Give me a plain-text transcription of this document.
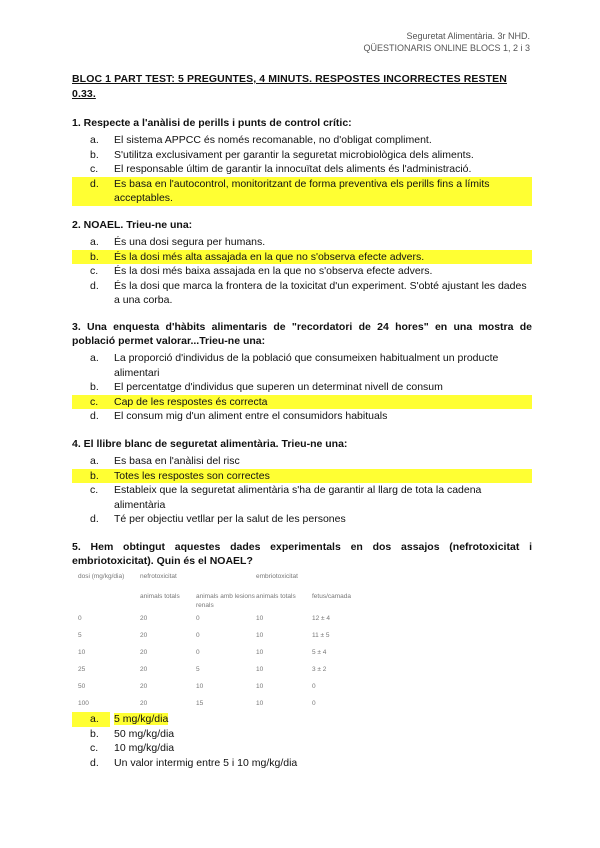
Seguretat Alimentària. 3r NHD.
QÜESTIONARIS ONLINE BLOCS 1, 2 i 3
BLOC 1 PART TEST: 5 PREGUNTES, 4 MINUTS. RESPOSTES INCORRECTES RESTEN 0.33.

1. Respecte a l'anàlisi de perills i punts de control crític:

a.	El sistema APPCC és només recomanable, no d'obligat compliment.
b.	S'utilitza exclusivament per garantir la seguretat microbiològica dels aliments.
c.	El responsable últim de garantir la innocuïtat dels aliments és l'administració.
d.	Es basa en l'autocontrol, monitoritzant de forma preventiva els perills fins a límits acceptables.

2. NOAEL. Trieu-ne una:

a.	És una dosi segura per humans.
b.	És la dosi més alta assajada en la que no s'observa efecte advers.
c.	És la dosi més baixa assajada en la que no s'observa efecte advers.
d.	És la dosi que marca la frontera de la toxicitat d'un experiment. S'obté ajustant les dades a una corba.

3. Una enquesta d'hàbits alimentaris de "recordatori de 24 hores" en una mostra de població permet valorar...Trieu-ne una:

a.	La proporció d'individus de la població que consumeixen habitualment un producte alimentari
b.	El percentatge d'individus que superen un determinat nivell de consum
c.	Cap de les respostes és correcta
d.	El consum mig d'un aliment entre el consumidors habituals

4. El llibre blanc de seguretat alimentària. Trieu-ne una:

a.	Es basa en l'anàlisi del risc
b.	Totes les respostes son correctes
c.	Estableix que la seguretat alimentària s'ha de garantir al llarg de tota la cadena alimentària
d.	Té per objectiu vetllar per la salut de les persones

5. Hem obtingut aquestes dades experimentals en dos assajos (nefrotoxicitat i embriotoxicitat). Quin és el NOAEL?

dosi (mg/kg/dia)	nefrotoxicitat		embriotoxicitat	
	animals totals	animals amb lesions renals	animals totals	fetus/camada
0	20	0	10	12 ± 4
5	20	0	10	11 ± 5
10	20	0	10	5 ± 4
25	20	5	10	3 ± 2
50	20	10	10	0
100	20	15	10	0
a.	5 mg/kg/dia
b.	50 mg/kg/dia
c.	10 mg/kg/dia
d.	Un valor intermig entre 5 i 10 mg/kg/dia
